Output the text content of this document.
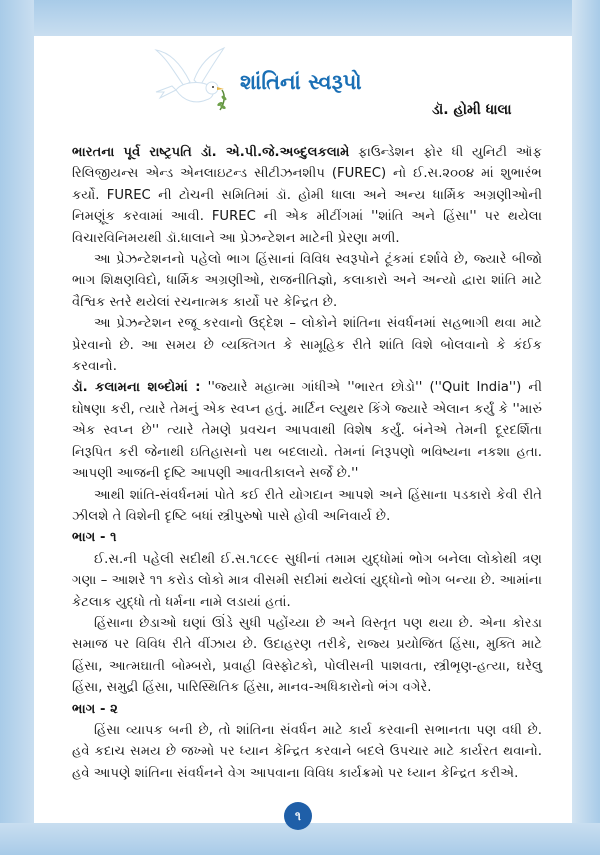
શાંતિનાં સ્વરૂપો
ડૉ. હોમી ધાલા

ભારતના પૂર્વ રાષ્ટ્રપતિ ડૉ. એ.પી.જે.અબ્દુલકલામે ફાઉન્ડેશન ફોર ધી યુનિટી ઑફ રિલિજીયન્સ એન્ડ એનલાઇટન્ડ સીટીઝનશીપ (FUREC) નો ઈ.સ.૨૦૦૪ માં શુભારંભ કર્યો. FUREC ની ટોચની સમિતિમાં ડૉ. હોમી ધાલા અને અન્ય ધાર્મિક અગ્રણીઓની નિમણૂંક કરવામાં આવી. FUREC ની એક મીટીંગમાં ''શાંતિ અને હિંસા'' પર થયેલા વિચારવિનિમયથી ડૉ.ધાલાને આ પ્રેઝન્ટેશન માટેની પ્રેરણા મળી.

આ પ્રેઝન્ટેશનનો પહેલો ભાગ હિંસાનાં વિવિધ સ્વરૂપોને ટૂંકમાં દર્શાવે છે, જ્યારે બીજો ભાગ શિક્ષણવિદો, ધાર્મિક અગ્રણીઓ, રાજનીતિજ્ઞો, કલાકારો અને અન્યો દ્વારા શાંતિ માટે વૈશ્વિક સ્તરે થયેલાં રચનાત્મક કાર્યો પર કેન્દ્રિત છે.

આ પ્રેઝન્ટેશન રજૂ કરવાનો ઉદ્દેશ – લોકોને શાંતિના સંવર્ધનમાં સહભાગી થવા માટે પ્રેરવાનો છે. આ સમય છે વ્યક્તિગત કે સામૂહિક રીતે શાંતિ વિશે બોલવાનો કે કંઈક કરવાનો.

ડૉ. કલામના શબ્દોમાં : ''જ્યારે મહાત્મા ગાંધીએ ''ભારત છોડો'' (''Quit India'') ની ઘોષણા કરી, ત્યારે તેમનું એક સ્વપ્ન હતું. માર્ટિન લ્યુથર કિંગે જ્યારે એલાન કર્યું કે ''મારું એક સ્વપ્ન છે'' ત્યારે તેમણે પ્રવચન આપવાથી વિશેષ કર્યું. બંનેએ તેમની દૂરદર્શિતા નિરૂપિત કરી જેનાથી ઇતિહાસનો પથ બદલાયો. તેમનાં નિરૂપણો ભવિષ્યના નકશા હતા. આપણી આજની દૃષ્ટિ આપણી આવતીકાલને સર્જે છે.''

આથી શાંતિ-સંવર્ધનમાં પોતે કઈ રીતે યોગદાન આપશે અને હિંસાના પડકારો કેવી રીતે ઝીલશે તે વિશેની દૃષ્ટિ બધાં સ્ત્રીપુરુષો પાસે હોવી અનિવાર્ય છે.

ભાગ - ૧

ઈ.સ.ની પહેલી સદીથી ઈ.સ.૧૮૯૯ સુધીનાં તમામ યુદ્ધોમાં ભોગ બનેલા લોકોથી ત્રણ ગણા – આશરે ૧૧ કરોડ લોકો માત્ર વીસમી સદીમાં થયેલાં યુદ્ધોનો ભોગ બન્યા છે. આમાંના કેટલાક યુદ્ધો તો ધર્મના નામે લડાયાં હતાં.

હિંસાના છેડાઓ ઘણાં ઊંડે સુધી પહોંચ્યા છે અને વિસ્તૃત પણ થયા છે. એના કોરડા સમાજ પર વિવિધ રીતે વીંઝાય છે. ઉદાહરણ તરીકે, રાજ્ય પ્રયોજિત હિંસા, મુક્તિ માટે હિંસા, આત્મઘાતી બોમ્બરો, પ્રવાહી વિસ્ફોટકો, પોલીસની પાશવતા, સ્ત્રીભૃણ-હત્યા, ઘરેલુ હિંસા, સમુદ્રી હિંસા, પારિસ્થિતિક હિંસા, માનવ-અધિકારોનો ભંગ વગેરે.

ભાગ - ૨

હિંસા વ્યાપક બની છે, તો શાંતિના સંવર્ધન માટે કાર્ય કરવાની સભાનતા પણ વધી છે. હવે કદાચ સમય છે જખ્મો પર ધ્યાન કેન્દ્રિત કરવાને બદલે ઉપચાર માટે કાર્યરત થવાનો. હવે આપણે શાંતિના સંવર્ધનને વેગ આપવાના વિવિધ કાર્યક્રમો પર ધ્યાન કેન્દ્રિત કરીએ.

૧
